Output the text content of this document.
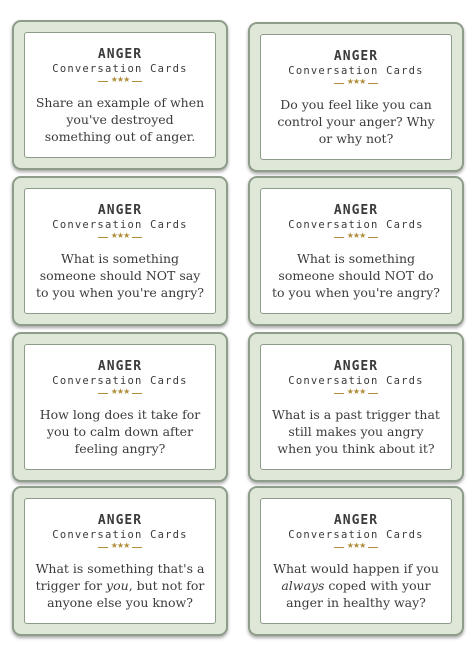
ANGER
Conversation Cards
★★★
Share an example of when you've destroyed something out of anger.
ANGER
Conversation Cards
★★★
Do you feel like you can control your anger? Why or why not?
ANGER
Conversation Cards
★★★
What is something someone should NOT say to you when you're angry?
ANGER
Conversation Cards
★★★
What is something someone should NOT do to you when you're angry?
ANGER
Conversation Cards
★★★
How long does it take for you to calm down after feeling angry?
ANGER
Conversation Cards
★★★
What is a past trigger that still makes you angry when you think about it?
ANGER
Conversation Cards
★★★
What is something that's a trigger for you, but not for anyone else you know?
ANGER
Conversation Cards
★★★
What would happen if you always coped with your anger in healthy way?
